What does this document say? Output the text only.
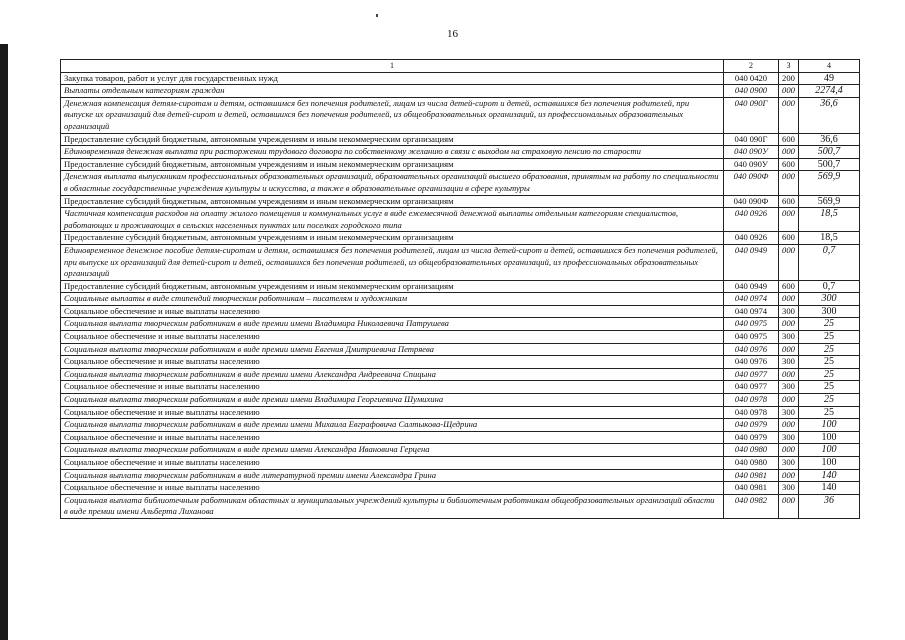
16
1	2	3	4
Закупка товаров, работ и услуг для государственных нужд	040 0420	200	49
Выплаты отдельным категориям граждан	040 0900	000	2274,4
Денежная компенсация детям-сиротам и детям, оставшимся без попечения родителей, лицам из числа детей-сирот и детей, оставшихся без попечения родителей, при выпуске их организаций для детей-сирот и детей, оставшихся без попечения родителей, из общеобразовательных организаций, из профессиональных образовательных организаций	040 090Г	000	36,6
Предоставление субсидий бюджетным, автономным учреждениям и иным некоммерческим организациям	040 090Г	600	36,6
Единовременная денежная выплата при расторжении трудового договора по собственному желанию в связи с выходом на страховую пенсию по старости	040 090У	000	500,7
Предоставление субсидий бюджетным, автономным учреждениям и иным некоммерческим организациям	040 090У	600	500,7
Денежная выплата выпускникам профессиональных образовательных организаций, образовательных организаций высшего образования, принятым на работу по специальности в областные государственные учреждения культуры и искусства, а также в образовательные организации в сфере культуры	040 090Ф	000	569,9
Предоставление субсидий бюджетным, автономным учреждениям и иным некоммерческим организациям	040 090Ф	600	569,9
Частичная компенсация расходов на оплату жилого помещения и коммунальных услуг в виде ежемесячной денежной выплаты отдельным категориям специалистов, работающих и проживающих в сельских населенных пунктах или поселках городского типа	040 0926	000	18,5
Предоставление субсидий бюджетным, автономным учреждениям и иным некоммерческим организациям	040 0926	600	18,5
Единовременное денежное пособие детям-сиротам и детям, оставшимся без попечения родителей, лицам из числа детей-сирот и детей, оставшихся без попечения родителей, при выпуске их организаций для детей-сирот и детей, оставшихся без попечения родителей, из общеобразовательных организаций, из профессиональных образовательных организаций	040 0949	000	0,7
Предоставление субсидий бюджетным, автономным учреждениям и иным некоммерческим организациям	040 0949	600	0,7
Социальные выплаты в виде стипендий творческим работникам – писателям и художникам	040 0974	000	300
Социальное обеспечение и иные выплаты населению	040 0974	300	300
Социальная выплата творческим работникам в виде премии имени Владимира Николаевича Патрушева	040 0975	000	25
Социальное обеспечение и иные выплаты населению	040 0975	300	25
Социальная выплата творческим работникам в виде премии имени Евгения Дмитриевича Петряева	040 0976	000	25
Социальное обеспечение и иные выплаты населению	040 0976	300	25
Социальная выплата творческим работникам в виде премии имени Александра Андреевича Спицына	040 0977	000	25
Социальное обеспечение и иные выплаты населению	040 0977	300	25
Социальная выплата творческим работникам в виде премии имени Владимира Георгиевича Шумихина	040 0978	000	25
Социальное обеспечение и иные выплаты населению	040 0978	300	25
Социальная выплата творческим работникам в виде премии имени Михаила Евграфовича Салтыкова-Щедрина	040 0979	000	100
Социальное обеспечение и иные выплаты населению	040 0979	300	100
Социальная выплата творческим работникам в виде премии имени Александра Ивановича Герцена	040 0980	000	100
Социальное обеспечение и иные выплаты населению	040 0980	300	100
Социальная выплата творческим работникам в виде литературной премии имени Александра Грина	040 0981	000	140
Социальное обеспечение и иные выплаты населению	040 0981	300	140
Социальная выплата библиотечным работникам областных и муниципальных учреждений культуры и библиотечным работникам общеобразовательных организаций области в виде премии имени Альберта Лиханова	040 0982	000	36
